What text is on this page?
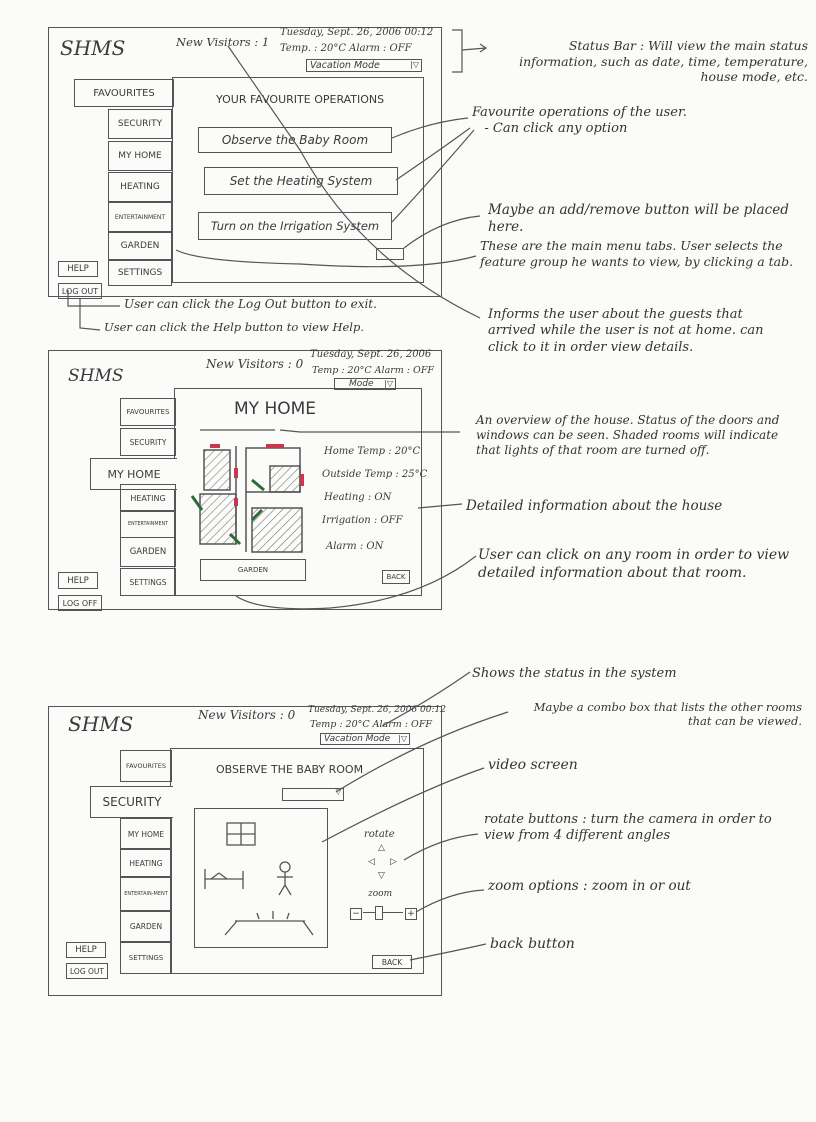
SHMS	New Visitors : 1
Tuesday, Sept. 26, 2006 00:12
Temp. : 20°C Alarm : OFF
Vacation Mode	|▽
FAVOURITES
SECURITY
MY HOME
HEATING
ENTERTAINMENT
GARDEN
SETTINGS
YOUR FAVOURITE OPERATIONS
Observe the Baby Room
Set the Heating System
Turn on the Irrigation System
HELP
LOG OUT
Status Bar : Will view the main status information, such as date, time, temperature, house mode, etc.
Favourite operations of the user.
- Can click any option
Maybe an add/remove button will be placed here.
These are the main menu tabs. User selects the feature group he wants to view, by clicking a tab.
Informs the user about the guests that arrived while the user is not at home. can click to it in order view details.
User can click the Log Out button to exit.
User can click the Help button to view Help.
SHMS
New Visitors : 0
Tuesday, Sept. 26, 2006
Temp : 20°C Alarm : OFF
Mode |▽
FAVOURITES
SECURITY
MY HOME
HEATING
ENTERTAINMENT
GARDEN
SETTINGS
MY HOME
Home Temp : 20°C
Outside Temp : 25°C
Heating : ON
Irrigation : OFF
Alarm : ON
GARDEN
BACK
HELP
LOG OFF
An overview of the house. Status of the doors and windows can be seen. Shaded rooms will indicate that lights of that room are turned off.
Detailed information about the house
User can click on any room in order to view detailed information about that room.
SHMS	New Visitors : 0 Tuesday, Sept. 26, 2006 00:12
Temp : 20°C Alarm : OFF
Vacation Mode |▽
FAVOURITES
SECURITY
MY HOME
HEATING
ENTERTAIN-MENT
GARDEN
SETTINGS
OBSERVE THE BABY ROOM
▽
rotate
△
◁ ▷
▽
zoom
−	+
BACK
HELP
LOG OUT
Shows the status in the system
Maybe a combo box that lists the other rooms that can be viewed.
video screen
rotate buttons : turn the camera in order to view from 4 different angles
zoom options : zoom in or out
back button
